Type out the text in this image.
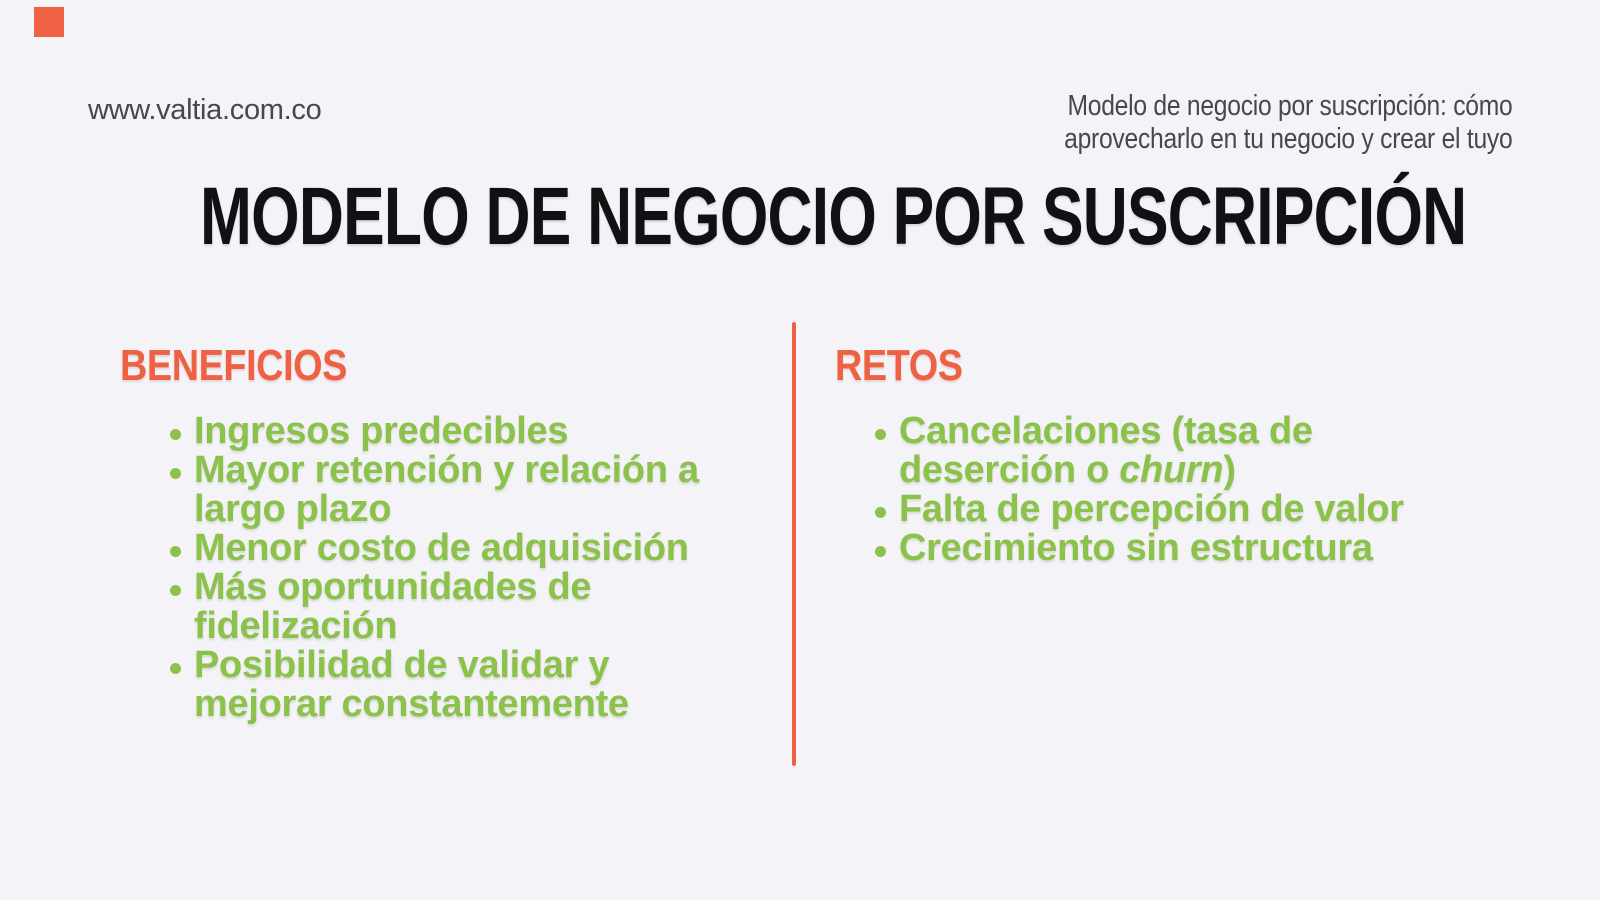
www.valtia.com.co	Modelo de negocio por suscripción: cómo
aprovecharlo en tu negocio y crear el tuyo
MODELO DE NEGOCIO POR SUSCRIPCIÓN
BENEFICIOS
Ingresos predecibles
Mayor retención y relación a largo plazo
Menor costo de adquisición
Más oportunidades de fidelización
Posibilidad de validar y mejorar constantemente
RETOS
Cancelaciones (tasa de deserción o churn)
Falta de percepción de valor
Crecimiento sin estructura
